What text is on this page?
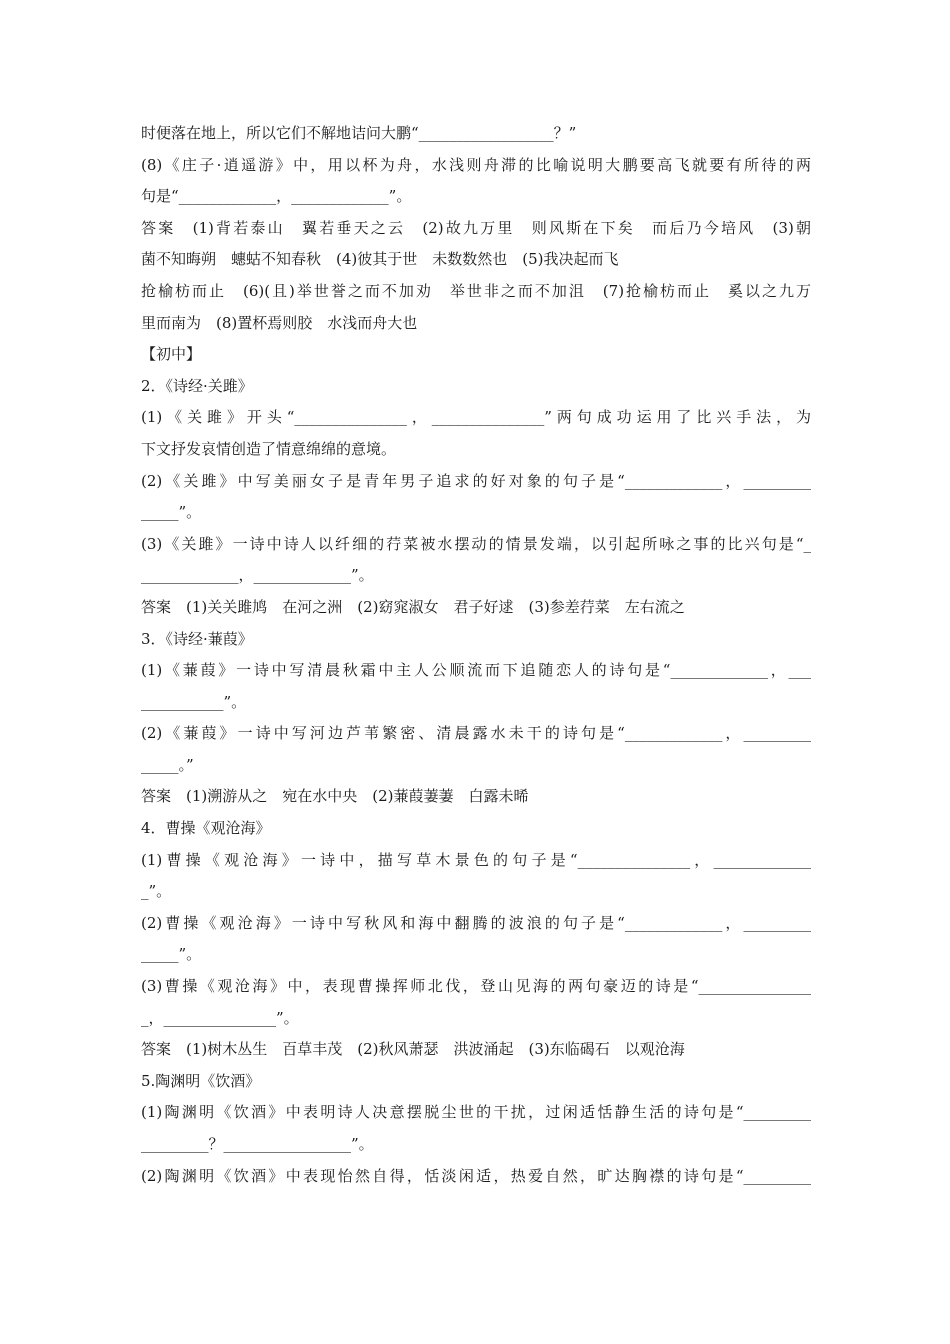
时便落在地上，所以它们不解地诘问大鹏“__________________？”
(8)《庄子·逍遥游》中，用以杯为舟，水浅则舟滞的比喻说明大鹏要高飞就要有所待的两
句是“_____________，_____________”。
答案　(1)背若泰山　翼若垂天之云　(2)故九万里　则风斯在下矣　而后乃今培风　(3)朝
菌不知晦朔　蟪蛄不知春秋　(4)彼其于世　未数数然也　(5)我决起而飞
抢榆枋而止　(6)(且)举世誉之而不加劝　举世非之而不加沮　(7)抢榆枋而止　奚以之九万
里而南为　(8)置杯焉则胶　水浅而舟大也
【初中】
2．《诗经·关雎》
(1)《关雎》开头“_______________，_______________”两句成功运用了比兴手法，为
下文抒发哀情创造了情意绵绵的意境。
(2)《关雎》中写美丽女子是青年男子追求的好对象的句子是“_____________，_________
_____”。
(3)《关雎》一诗中诗人以纤细的荇菜被水摆动的情景发端，以引起所咏之事的比兴句是“_
_____________，_____________”。
答案　(1)关关雎鸠　在河之洲　(2)窈窕淑女　君子好逑　(3)参差荇菜　左右流之
3．《诗经·蒹葭》
(1)《蒹葭》一诗中写清晨秋霜中主人公顺流而下追随恋人的诗句是“_____________，___
___________”。
(2)《蒹葭》一诗中写河边芦苇繁密、清晨露水未干的诗句是“_____________，_________
_____。”
答案　(1)溯游从之　宛在水中央　(2)蒹葭萋萋　白露未晞
4．曹操《观沧海》
(1)曹操《观沧海》一诗中，描写草木景色的句子是“_______________，_____________
_”。
(2)曹操《观沧海》一诗中写秋风和海中翻腾的波浪的句子是“_____________，_________
_____”。
(3)曹操《观沧海》中，表现曹操挥师北伐，登山见海的两句豪迈的诗是“_______________
_，_______________”。
答案　(1)树木丛生　百草丰茂　(2)秋风萧瑟　洪波涌起　(3)东临碣石　以观沧海
5.陶渊明《饮酒》
(1)陶渊明《饮酒》中表明诗人决意摆脱尘世的干扰，过闲适恬静生活的诗句是“_________
_________？_________________”。
(2)陶渊明《饮酒》中表现怡然自得，恬淡闲适，热爱自然，旷达胸襟的诗句是“_________
